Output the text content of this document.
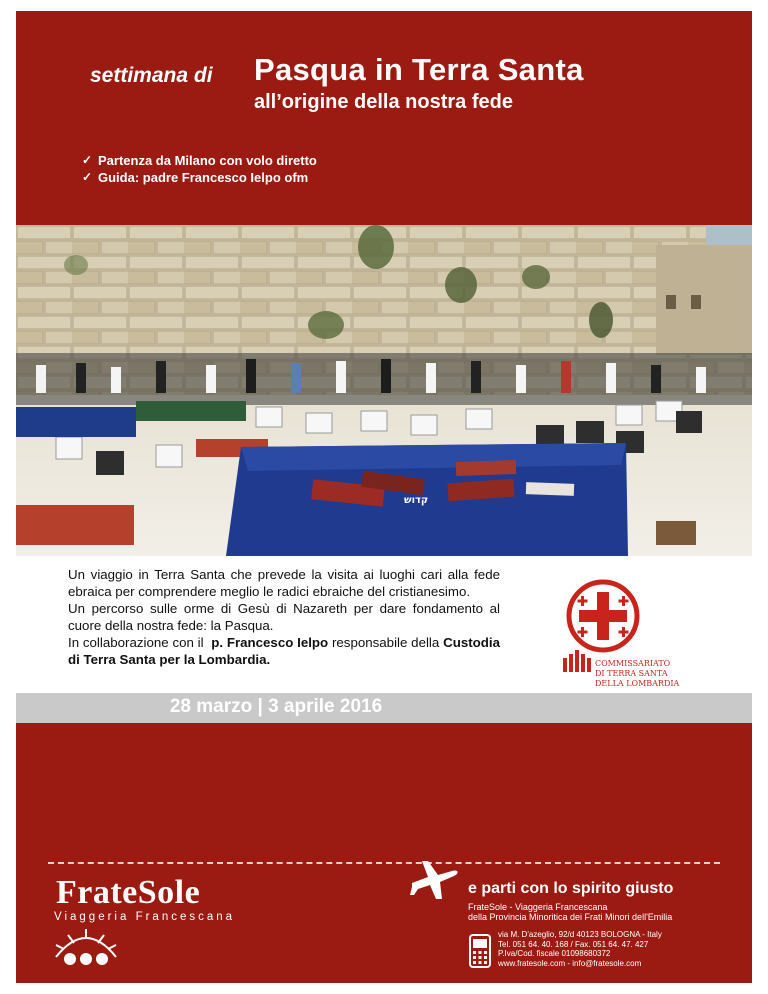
settimana di Pasqua in Terra Santa
all’origine della nostra fede
✓ Partenza da Milano con volo diretto
✓ Guida: padre Francesco Ielpo ofm
קדוש

Un viaggio in Terra Santa che prevede la visita ai luoghi cari alla fede ebraica per comprendere meglio le radici ebraiche del cristianesimo.

Un percorso sulle orme di Gesù di Nazareth per dare fondamento al cuore della nostra fede: la Pasqua.

In collaborazione con il p. Francesco Ielpo responsabile della Custodia di Terra Santa per la Lombardia.	COMMISSARIATO
DI TERRA SANTA
DELLA LOMBARDIA
28 marzo | 3 aprile 2016
FrateSole
Viaggeria Francescana
e parti con lo spirito giusto
FrateSole - Viaggeria Francescana
della Provincia Minoritica dei Frati Minori dell'Emilia
via M. D'azeglio, 92/d 40123 BOLOGNA - Italy
Tel. 051 64. 40. 168 / Fax. 051 64. 47. 427
P.Iva/Cod. fiscale 01098680372
www.fratesole.com - info@fratesole.com
